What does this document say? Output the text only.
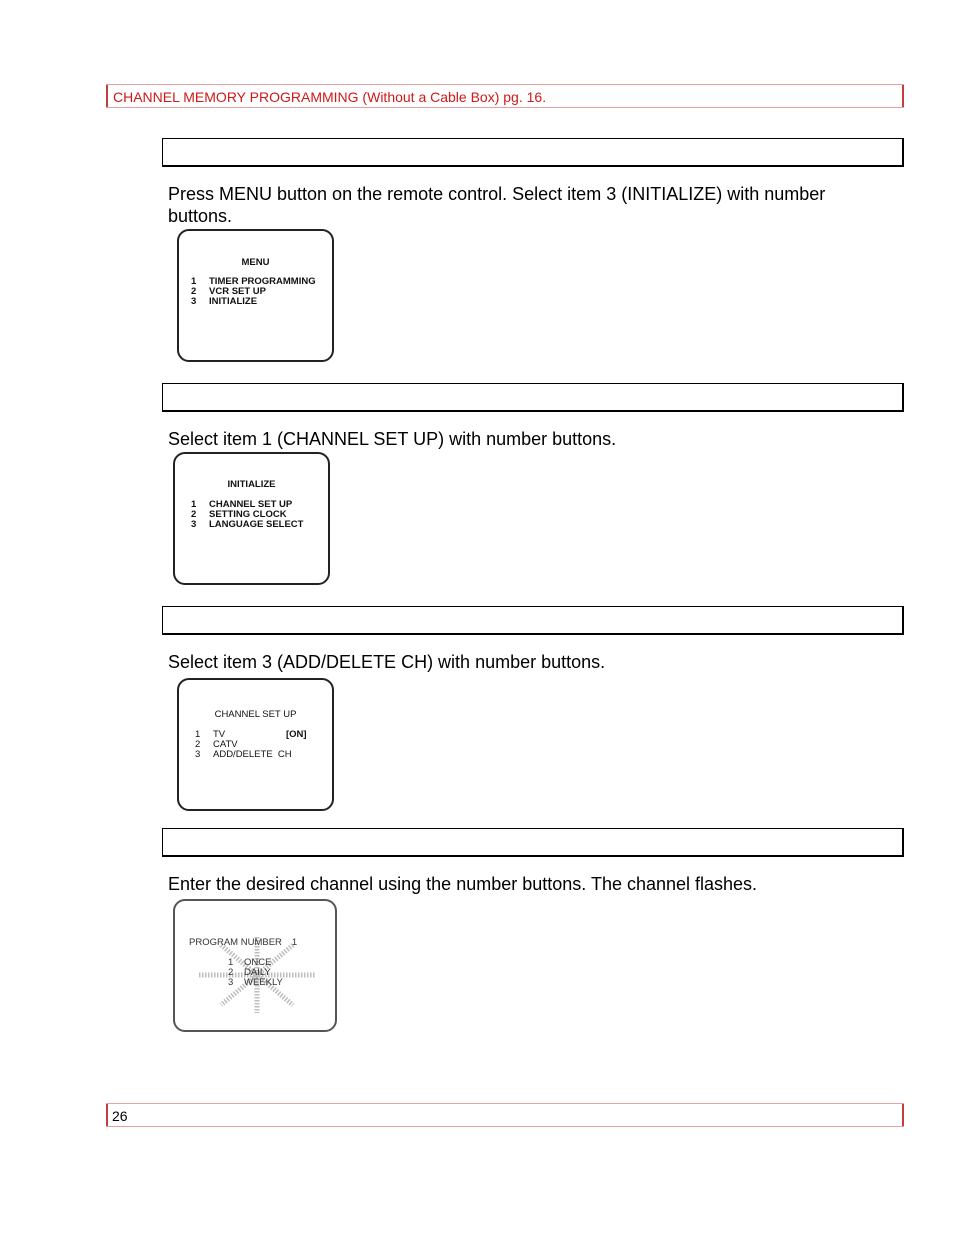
CHANNEL MEMORY PROGRAMMING (Without a Cable Box) pg. 16.
Press MENU button on the remote control. Select item 3 (INITIALIZE) with number buttons.
MENU
1 TIMER PROGRAMMING
2 VCR SET UP
3 INITIALIZE
Select item 1 (CHANNEL SET UP) with number buttons.
INITIALIZE
1 CHANNEL SET UP
2 SETTING CLOCK
3 LANGUAGE SELECT
Select item 3 (ADD/DELETE CH) with number buttons.
CHANNEL SET UP
1 TV	[ON]
2 CATV
3 ADD/DELETE  CH
Enter the desired channel using the number buttons. The channel flashes.
PROGRAM NUMBER 1
1 ONCE
2 DAILY
3 WEEKLY
26
